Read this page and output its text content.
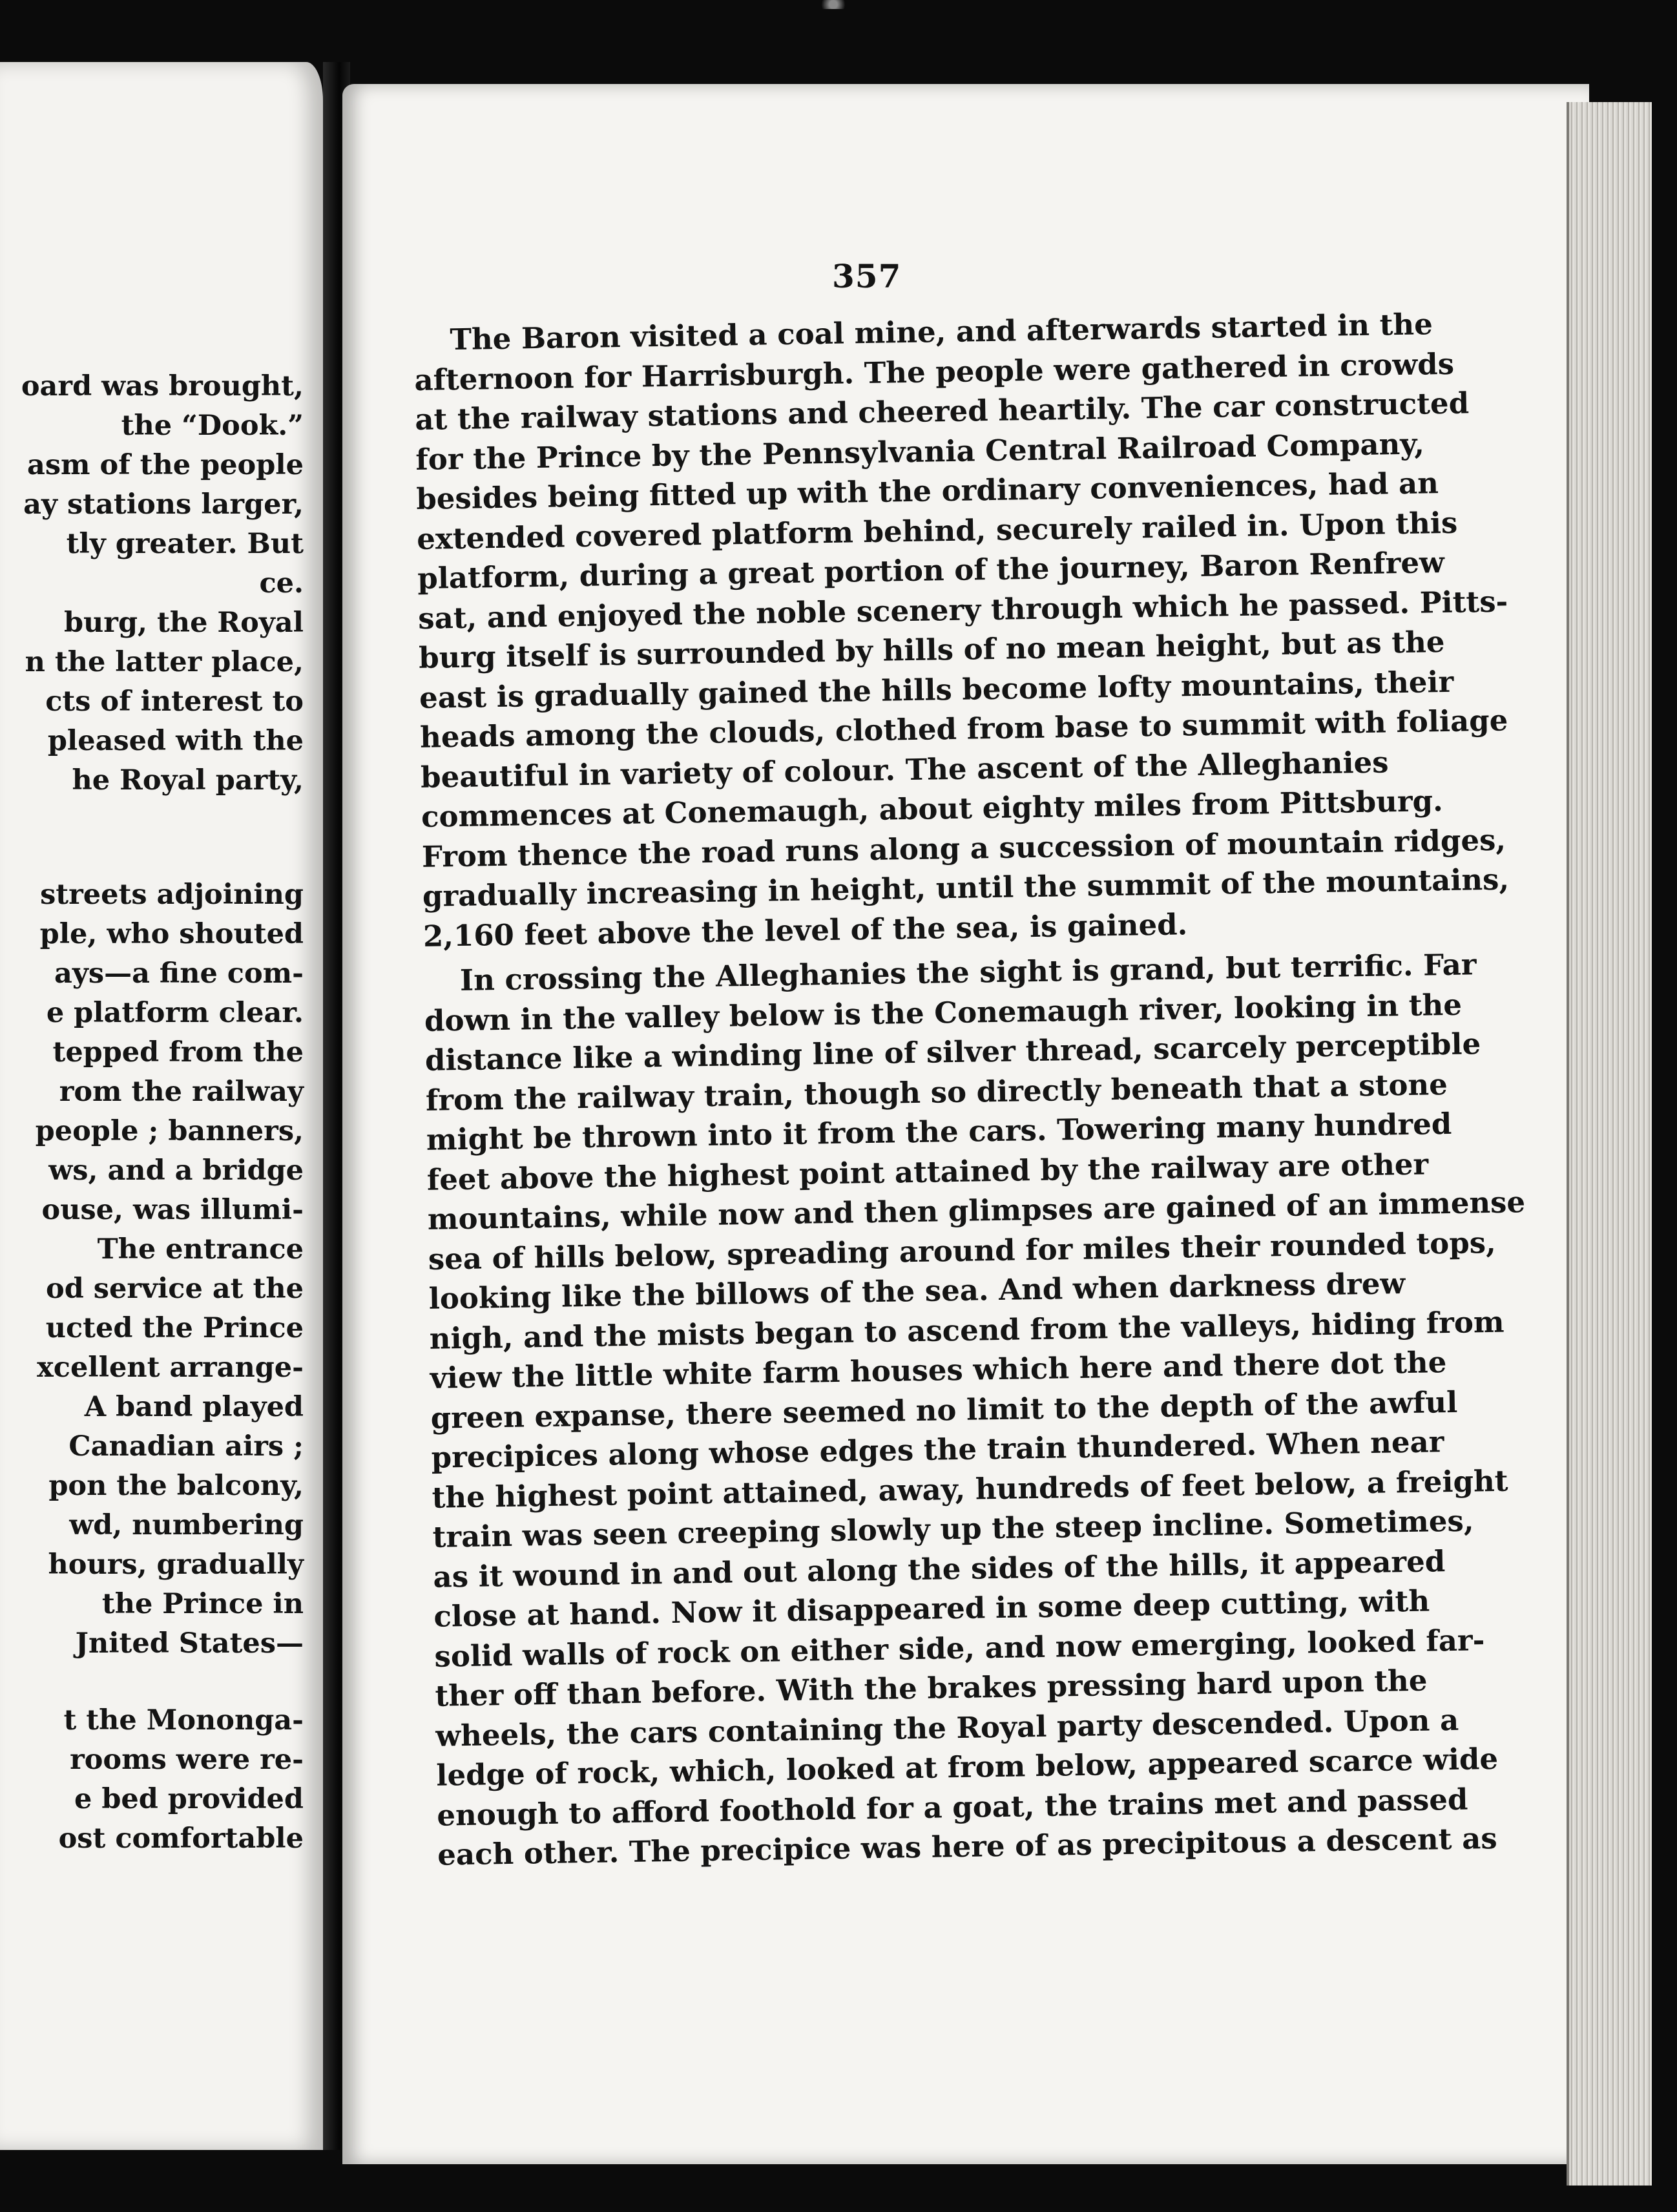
oard was brought,
the “Dook.”
asm of the people
ay stations larger,
tly greater. But
ce.
burg, the Royal
n the latter place,
cts of interest to
pleased with the
he Royal party,
streets adjoining
ple, who shouted
ays—a fine com-
e platform clear.
tepped from the
rom the railway
people ; banners,
ws, and a bridge
ouse, was illumi-
The entrance
od service at the
ucted the Prince
xcellent arrange-
A band played
Canadian airs ;
pon the balcony,
wd, numbering
hours, gradually
the Prince in
Jnited States—
t the Mononga-
rooms were re-
e bed provided
ost comfortable
357
The Baron visited a coal mine, and afterwards started in the
afternoon for Harrisburgh. The people were gathered in crowds
at the railway stations and cheered heartily. The car constructed
for the Prince by the Pennsylvania Central Railroad Company,
besides being fitted up with the ordinary conveniences, had an
extended covered platform behind, securely railed in. Upon this
platform, during a great portion of the journey, Baron Renfrew
sat, and enjoyed the noble scenery through which he passed. Pitts-
burg itself is surrounded by hills of no mean height, but as the
east is gradually gained the hills become lofty mountains, their
heads among the clouds, clothed from base to summit with foliage
beautiful in variety of colour. The ascent of the Alleghanies
commences at Conemaugh, about eighty miles from Pittsburg.
From thence the road runs along a succession of mountain ridges,
gradually increasing in height, until the summit of the mountains,
2,160 feet above the level of the sea, is gained.
In crossing the Alleghanies the sight is grand, but terrific. Far
down in the valley below is the Conemaugh river, looking in the
distance like a winding line of silver thread, scarcely perceptible
from the railway train, though so directly beneath that a stone
might be thrown into it from the cars. Towering many hundred
feet above the highest point attained by the railway are other
mountains, while now and then glimpses are gained of an immense
sea of hills below, spreading around for miles their rounded tops,
looking like the billows of the sea. And when darkness drew
nigh, and the mists began to ascend from the valleys, hiding from
view the little white farm houses which here and there dot the
green expanse, there seemed no limit to the depth of the awful
precipices along whose edges the train thundered. When near
the highest point attained, away, hundreds of feet below, a freight
train was seen creeping slowly up the steep incline. Sometimes,
as it wound in and out along the sides of the hills, it appeared
close at hand. Now it disappeared in some deep cutting, with
solid walls of rock on either side, and now emerging, looked far-
ther off than before. With the brakes pressing hard upon the
wheels, the cars containing the Royal party descended. Upon a
ledge of rock, which, looked at from below, appeared scarce wide
enough to afford foothold for a goat, the trains met and passed
each other. The precipice was here of as precipitous a descent as
